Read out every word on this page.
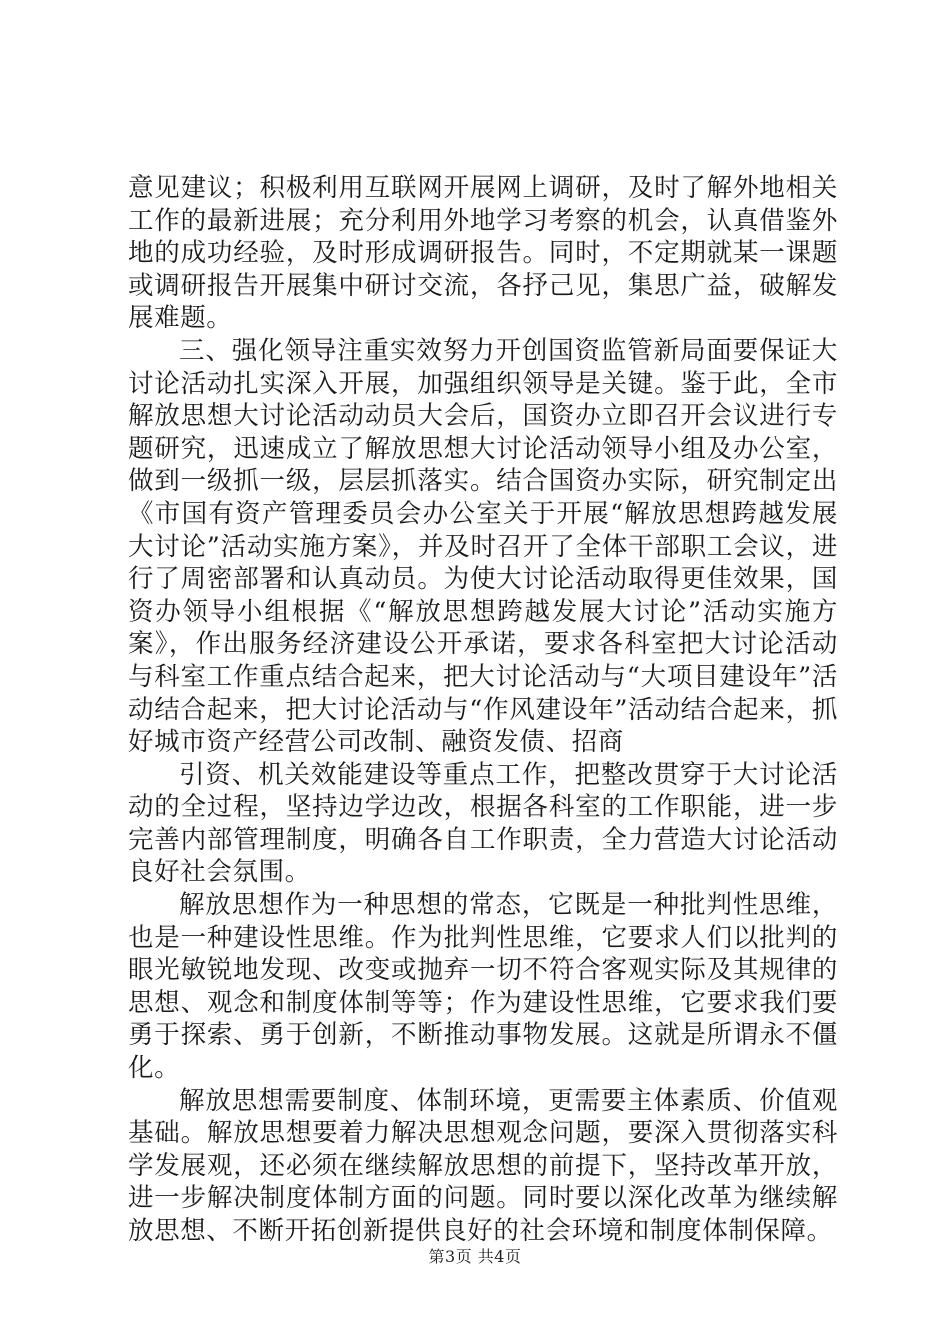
意见建议；积极利用互联网开展网上调研，及时了解外地相关工作的最新进展；充分利用外地学习考察的机会，认真借鉴外地的成功经验，及时形成调研报告。同时，不定期就某一课题或调研报告开展集中研讨交流，各抒己见，集思广益，破解发展难题。

三、强化领导注重实效努力开创国资监管新局面要保证大讨论活动扎实深入开展，加强组织领导是关键。鉴于此，全市解放思想大讨论活动动员大会后，国资办立即召开会议进行专题研究，迅速成立了解放思想大讨论活动领导小组及办公室，做到一级抓一级，层层抓落实。结合国资办实际，研究制定出《市国有资产管理委员会办公室关于开展“解放思想跨越发展大讨论”活动实施方案》，并及时召开了全体干部职工会议，进行了周密部署和认真动员。为使大讨论活动取得更佳效果，国资办领导小组根据《“解放思想跨越发展大讨论”活动实施方案》，作出服务经济建设公开承诺，要求各科室把大讨论活动与科室工作重点结合起来，把大讨论活动与“大项目建设年”活动结合起来，把大讨论活动与“作风建设年”活动结合起来，抓好城市资产经营公司改制、融资发债、招商

引资、机关效能建设等重点工作，把整改贯穿于大讨论活动的全过程，坚持边学边改，根据各科室的工作职能，进一步完善内部管理制度，明确各自工作职责，全力营造大讨论活动良好社会氛围。

解放思想作为一种思想的常态，它既是一种批判性思维，也是一种建设性思维。作为批判性思维，它要求人们以批判的眼光敏锐地发现、改变或抛弃一切不符合客观实际及其规律的思想、观念和制度体制等等；作为建设性思维，它要求我们要勇于探索、勇于创新，不断推动事物发展。这就是所谓永不僵化。

解放思想需要制度、体制环境，更需要主体素质、价值观基础。解放思想要着力解决思想观念问题，要深入贯彻落实科学发展观，还必须在继续解放思想的前提下，坚持改革开放，进一步解决制度体制方面的问题。同时要以深化改革为继续解放思想、不断开拓创新提供良好的社会环境和制度体制保障。

第3页 共4页
